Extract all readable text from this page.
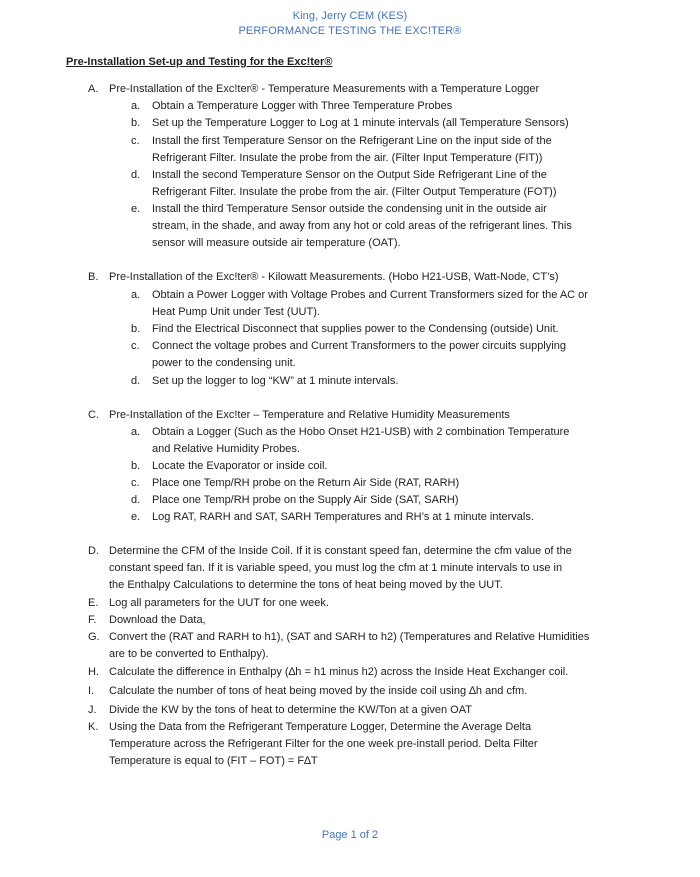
King, Jerry CEM (KES)
PERFORMANCE TESTING THE EXC!TER®
Pre-Installation Set-up and Testing for the Exc!ter®
A. Pre-Installation of the Exc!ter® - Temperature Measurements with a Temperature Logger
a. Obtain a Temperature Logger with Three Temperature Probes
b. Set up the Temperature Logger to Log at 1 minute intervals (all Temperature Sensors)
c. Install the first Temperature Sensor on the Refrigerant Line on the input side of the
Refrigerant Filter. Insulate the probe from the air. (Filter Input Temperature (FIT))
d. Install the second Temperature Sensor on the Output Side Refrigerant Line of the
Refrigerant Filter. Insulate the probe from the air. (Filter Output Temperature (FOT))
e. Install the third Temperature Sensor outside the condensing unit in the outside air
stream, in the shade, and away from any hot or cold areas of the refrigerant lines. This
sensor will measure outside air temperature (OAT).
B. Pre-Installation of the Exc!ter® - Kilowatt Measurements. (Hobo H21-USB, Watt-Node, CT’s)
a. Obtain a Power Logger with Voltage Probes and Current Transformers sized for the AC or
Heat Pump Unit under Test (UUT).
b. Find the Electrical Disconnect that supplies power to the Condensing (outside) Unit.
c. Connect the voltage probes and Current Transformers to the power circuits supplying
power to the condensing unit.
d. Set up the logger to log “KW” at 1 minute intervals.
C. Pre-Installation of the Exc!ter – Temperature and Relative Humidity Measurements
a. Obtain a Logger (Such as the Hobo Onset H21-USB) with 2 combination Temperature
and Relative Humidity Probes.
b. Locate the Evaporator or inside coil.
c. Place one Temp/RH probe on the Return Air Side (RAT, RARH)
d. Place one Temp/RH probe on the Supply Air Side (SAT, SARH)
e. Log RAT, RARH and SAT, SARH Temperatures and RH’s at 1 minute intervals.
D. Determine the CFM of the Inside Coil. If it is constant speed fan, determine the cfm value of the
constant speed fan. If it is variable speed, you must log the cfm at 1 minute intervals to use in
the Enthalpy Calculations to determine the tons of heat being moved by the UUT.
E. Log all parameters for the UUT for one week.
F. Download the Data,
G. Convert the (RAT and RARH to h1), (SAT and SARH to h2) (Temperatures and Relative Humidities
are to be converted to Enthalpy).
H. Calculate the difference in Enthalpy (∆h = h1 minus h2) across the Inside Heat Exchanger coil.
I. Calculate the number of tons of heat being moved by the inside coil using ∆h and cfm.
J. Divide the KW by the tons of heat to determine the KW/Ton at a given OAT
K. Using the Data from the Refrigerant Temperature Logger, Determine the Average Delta
Temperature across the Refrigerant Filter for the one week pre-install period. Delta Filter
Temperature is equal to (FIT – FOT) = F∆T
Page 1 of 2
